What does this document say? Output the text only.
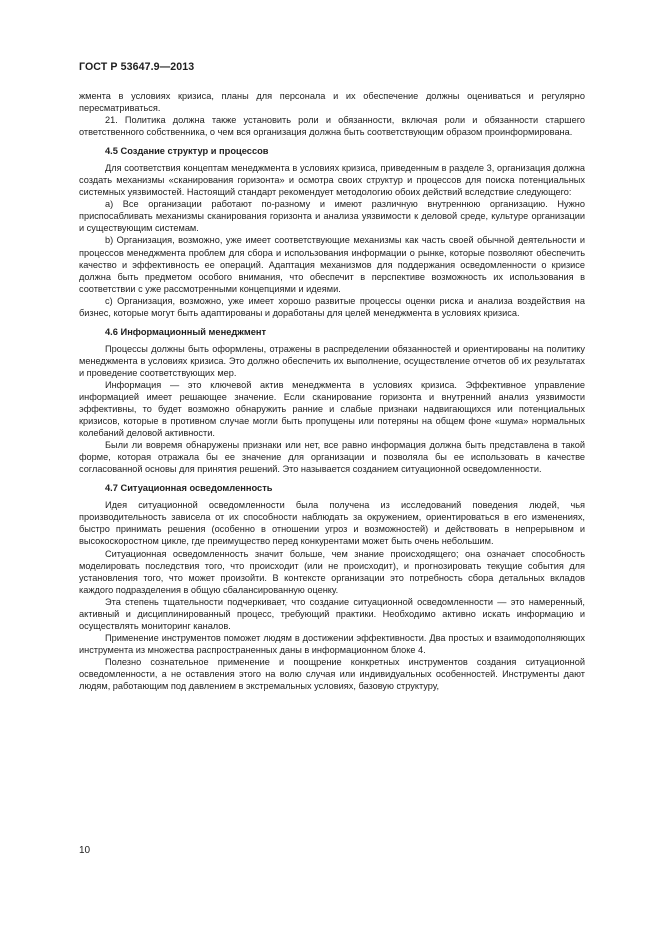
ГОСТ Р 53647.9—2013

жмента в условиях кризиса, планы для персонала и их обеспечение должны оцениваться и регулярно пересматриваться.

21. Политика должна также установить роли и обязанности, включая роли и обязанности старшего ответственного собственника, о чем вся организация должна быть соответствующим образом проинформирована.

4.5 Создание структур и процессов

Для соответствия концептам менеджмента в условиях кризиса, приведенным в разделе 3, организация должна создать механизмы «сканирования горизонта» и осмотра своих структур и процессов для поиска потенциальных системных уязвимостей. Настоящий стандарт рекомендует методологию обоих действий вследствие следующего:

a) Все организации работают по-разному и имеют различную внутреннюю организацию. Нужно приспосабливать механизмы сканирования горизонта и анализа уязвимости к деловой среде, культуре организации и существующим системам.

b) Организация, возможно, уже имеет соответствующие механизмы как часть своей обычной деятельности и процессов менеджмента проблем для сбора и использования информации о рынке, которые позволяют обеспечить качество и эффективность ее операций. Адаптация механизмов для поддержания осведомленности о кризисе должна быть предметом особого внимания, что обеспечит в перспективе возможность их использования в соответствии с уже рассмотренными концепциями и идеями.

c) Организация, возможно, уже имеет хорошо развитые процессы оценки риска и анализа воздействия на бизнес, которые могут быть адаптированы и доработаны для целей менеджмента в условиях кризиса.

4.6 Информационный менеджмент

Процессы должны быть оформлены, отражены в распределении обязанностей и ориентированы на политику менеджмента в условиях кризиса. Это должно обеспечить их выполнение, осуществление отчетов об их результатах и проведение соответствующих мер.

Информация — это ключевой актив менеджмента в условиях кризиса. Эффективное управление информацией имеет решающее значение. Если сканирование горизонта и внутренний анализ уязвимости эффективны, то будет возможно обнаружить ранние и слабые признаки надвигающихся или потенциальных кризисов, которые в противном случае могли быть пропущены или потеряны на общем фоне «шума» нормальных колебаний деловой активности.

Были ли вовремя обнаружены признаки или нет, все равно информация должна быть представлена в такой форме, которая отражала бы ее значение для организации и позволяла бы ее использовать в качестве согласованной основы для принятия решений. Это называется созданием ситуационной осведомленности.

4.7 Ситуационная осведомленность

Идея ситуационной осведомленности была получена из исследований поведения людей, чья производительность зависела от их способности наблюдать за окружением, ориентироваться в его изменениях, быстро принимать решения (особенно в отношении угроз и возможностей) и действовать в непрерывном и высокоскоростном цикле, где преимущество перед конкурентами может быть очень небольшим.

Ситуационная осведомленность значит больше, чем знание происходящего; она означает способность моделировать последствия того, что происходит (или не происходит), и прогнозировать текущие события для установления того, что может произойти. В контексте организации это потребность сбора детальных вкладов каждого подразделения в общую сбалансированную оценку.

Эта степень тщательности подчеркивает, что создание ситуационной осведомленности — это намеренный, активный и дисциплинированный процесс, требующий практики. Необходимо активно искать информацию и осуществлять мониторинг каналов.

Применение инструментов поможет людям в достижении эффективности. Два простых и взаимодополняющих инструмента из множества распространенных даны в информационном блоке 4.

Полезно сознательное применение и поощрение конкретных инструментов создания ситуационной осведомленности, а не оставления этого на волю случая или индивидуальных особенностей. Инструменты дают людям, работающим под давлением в экстремальных условиях, базовую структуру,

10
